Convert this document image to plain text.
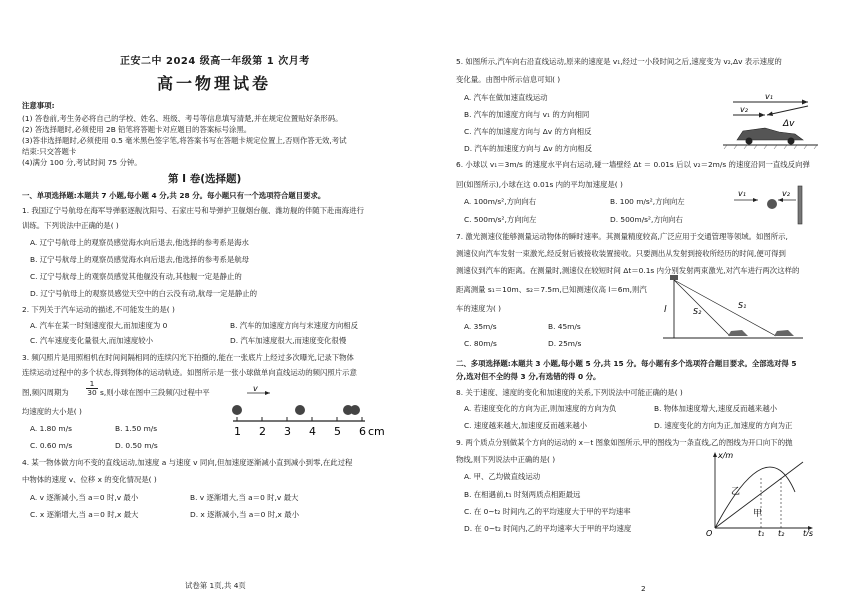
正安二中 2024 级高一年级第 1 次月考
高一物理试卷
注意事项:
(1) 答卷前,考生务必将自己的学校、姓名、班级、考号等信息填写清楚,并在规定位置贴好条形码。
(2) 答选择题时,必须使用 2B 铅笔将答题卡对应题目的答案标号涂黑。
(3)答非选择题时,必须使用 0.5 毫米黑色签字笔,将答案书写在答题卡规定位置上,否则作答无效,考试
结束:只交答题卡
(4)满分 100 分,考试时间 75 分钟。
第 I 卷(选择题)
一、单项选择题:本题共 7 小题,每小题 4 分,共 28 分。每小题只有一个选项符合题目要求。
1. 我国辽宁号航母在海军导弹驱逐舰沈阳号、石家庄号和导弹护卫舰烟台舰、潍坊舰的伴随下赴南海进行
训练。下列说法中正确的是( )
A. 辽宁号航母上的观察员感觉海水向后退去,他选择的参考系是海水
B. 辽宁号航母上的观察员感觉海水向后退去,他选择的参考系是航母
C. 辽宁号航母上的观察员感觉其他舰没有动,其他舰一定是静止的
D. 辽宁号航母上的观察员感觉天空中的白云没有动,航母一定是静止的
2. 下列关于汽车运动的描述,不可能发生的是( )
A. 汽车在某一时刻速度很大,而加速度为 0	B. 汽车的加速度方向与末速度方向相反
C. 汽车速度变化量很大,而加速度较小	D. 汽车加速度很大,而速度变化很慢
3. 频闪照片是用照相机在时间间隔相同的连续闪光下拍摄的,能在一张底片上经过多次曝光,记录下物体
连续运动过程中的多个状态,得到物体的运动轨迹。如图所示是一张小球做单向直线运动的频闪照片示意
图,频闪周期为 $\frac{1}{30} s$,则小球在图中三段频闪过程中平
均速度的大小是( )
A. 1.80 m/s	B. 1.50 m/s
C. 0.60 m/s	D. 0.50 m/s
v
1 2 3 4 5 6 cm
4. 某一物体做方向不变的直线运动,加速度 a 与速度 v 同向,但加速度逐渐减小直到减小到零,在此过程
中物体的速度 v、位移 x 的变化情况是( )
A. v 逐渐减小,当 a＝0 时,v 最小	B. v 逐渐增大,当 a＝0 时,v 最大
C. x 逐渐增大,当 a＝0 时,x 最大	D. x 逐渐减小,当 a＝0 时,x 最小
试卷第 1页,共 4页
5. 如图所示,汽车向右沿直线运动,原来的速度是 v₁,经过一小段时间之后,速度变为 v₂,Δv 表示速度的
变化量。由图中所示信息可知( )
A. 汽车在做加速直线运动
B. 汽车的加速度方向与 v₁ 的方向相同
C. 汽车的加速度方向与 Δv 的方向相反
D. 汽车的加速度方向与 Δv 的方向相反
v₁
v₂
Δv
6. 小球以 v₁＝3m/s 的速度水平向右运动,碰一墙壁经 Δt ＝ 0.01s 后以 v₂＝2m/s 的速度沿同一直线反向弹
回(如图所示),小球在这 0.01s 内的平均加速度是( )
A. 100m/s²,方向向右	B. 100 m/s²,方向向左
C. 500m/s²,方向向左	D. 500m/s²,方向向右
v₁	v₂
7. 激光测速仪能够测量运动物体的瞬时速率。其测量精度较高,广泛应用于交通管理等领域。如图所示,
测速仪向汽车发射一束激光,经反射后被接收装置接收。只要测出从发射到接收所经历的时间,便可得到
测速仪到汽车的距离。在测量时,测速仪在较短时间 Δt＝0.1s 内分别发射两束激光,对汽车进行两次这样的
距离测量 s₁＝10m、s₂＝7.5m,已知测速仪高 l＝6m,则汽
车的速度为( )
A. 35m/s	B. 45m/s
C. 80m/s	D. 25m/s
l	S₂
S₁
二、多项选择题:本题共 3 小题,每小题 5 分,共 15 分。每小题有多个选项符合题目要求。全部选对得 5
分,选对但不全的得 3 分,有选错的得 0 分。
8. 关于速度、速度的变化和加速度的关系,下列说法中可能正确的是( )
A. 若速度变化的方向为正,则加速度的方向为负	B. 物体加速度增大,速度反而越来越小
C. 速度越来越大,加速度反而越来越小	D. 速度变化的方向为正,加速度的方向为正
9. 两个质点分别做某个方向的运动的 x－t 图象如图所示,甲的图线为一条直线,乙的图线为开口向下的抛
物线,则下列说法中正确的是( )
A. 甲、乙均做直线运动
B. 在相遇前,t₁ 时刻两质点相距最远
C. 在 0~t₂ 时间内,乙的平均速度大于甲的平均速率
D. 在 0~t₂ 时间内,乙的平均速率大于甲的平均速度
x/m
t/s
O	t₁ t₂
乙
甲
2
